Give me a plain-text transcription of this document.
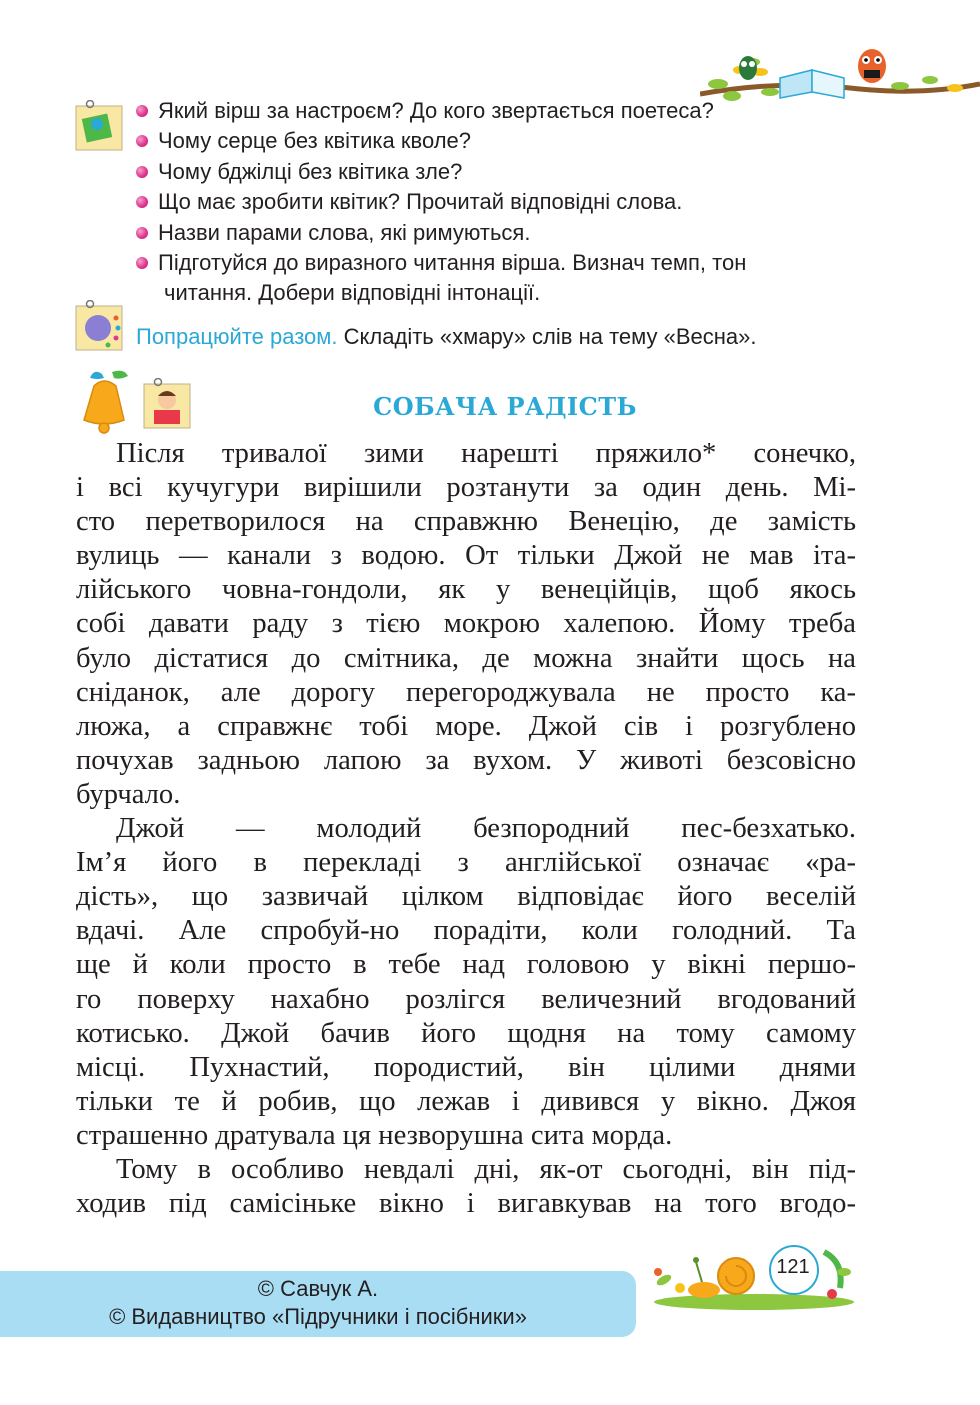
Який вірш за настроєм? До кого звертається поетеса?
Чому серце без квітика кволе?
Чому бджілці без квітика зле?
Що має зробити квітик? Прочитай відповідні слова.
Назви парами слова, які римуються.
Підготуйся до виразного читання вірша. Визнач темп, тон
читання. Добери відповідні інтонації.
Попрацюйте разом. Складіть «хмару» слів на тему «Весна».
СОБАЧА РАДІСТЬ

Після тривалої зими нарешті пряжило* сонечко,
і всі кучугури вирішили розтанути за один день. Мі-
сто перетворилося на справжню Венецію, де замість
вулиць — канали з водою. От тільки Джой не мав іта-
лійського човна-гондоли, як у венеційців, щоб якось
собі давати раду з тією мокрою халепою. Йому треба
було дістатися до смітника, де можна знайти щось на
сніданок, але дорогу перегороджувала не просто ка-
люжа, а справжнє тобі море. Джой сів і розгублено
почухав задньою лапою за вухом. У животі безсовісно
бурчало.

Джой — молодий безпородний пес-безхатько.
Ім’я його в перекладі з англійської означає «ра-
дість», що зазвичай цілком відповідає його веселій
вдачі. Але спробуй-но порадіти, коли голодний. Та
ще й коли просто в тебе над головою у вікні першо-
го поверху нахабно розлігся величезний вгодований
котисько. Джой бачив його щодня на тому самому
місці. Пухнастий, породистий, він цілими днями
тільки те й робив, що лежав і дивився у вікно. Джоя
страшенно дратувала ця незворушна сита морда.

Тому в особливо невдалі дні, як-от сьогодні, він під-
ходив під самісіньке вікно і вигавкував на того вгодо-

© Савчук А.
© Видавництво «Підручники і посібники»
121
